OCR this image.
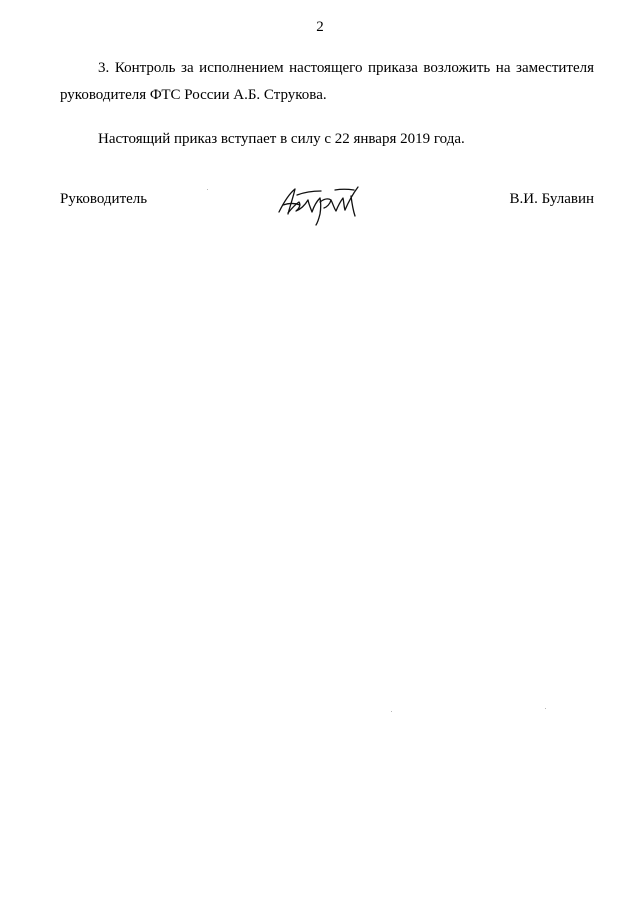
2

3. Контроль за исполнением настоящего приказа возложить на заместителя руководителя ФТС России А.Б. Струкова.

Настоящий приказ вступает в силу с 22 января 2019 года.

Руководитель	В.И. Булавин
